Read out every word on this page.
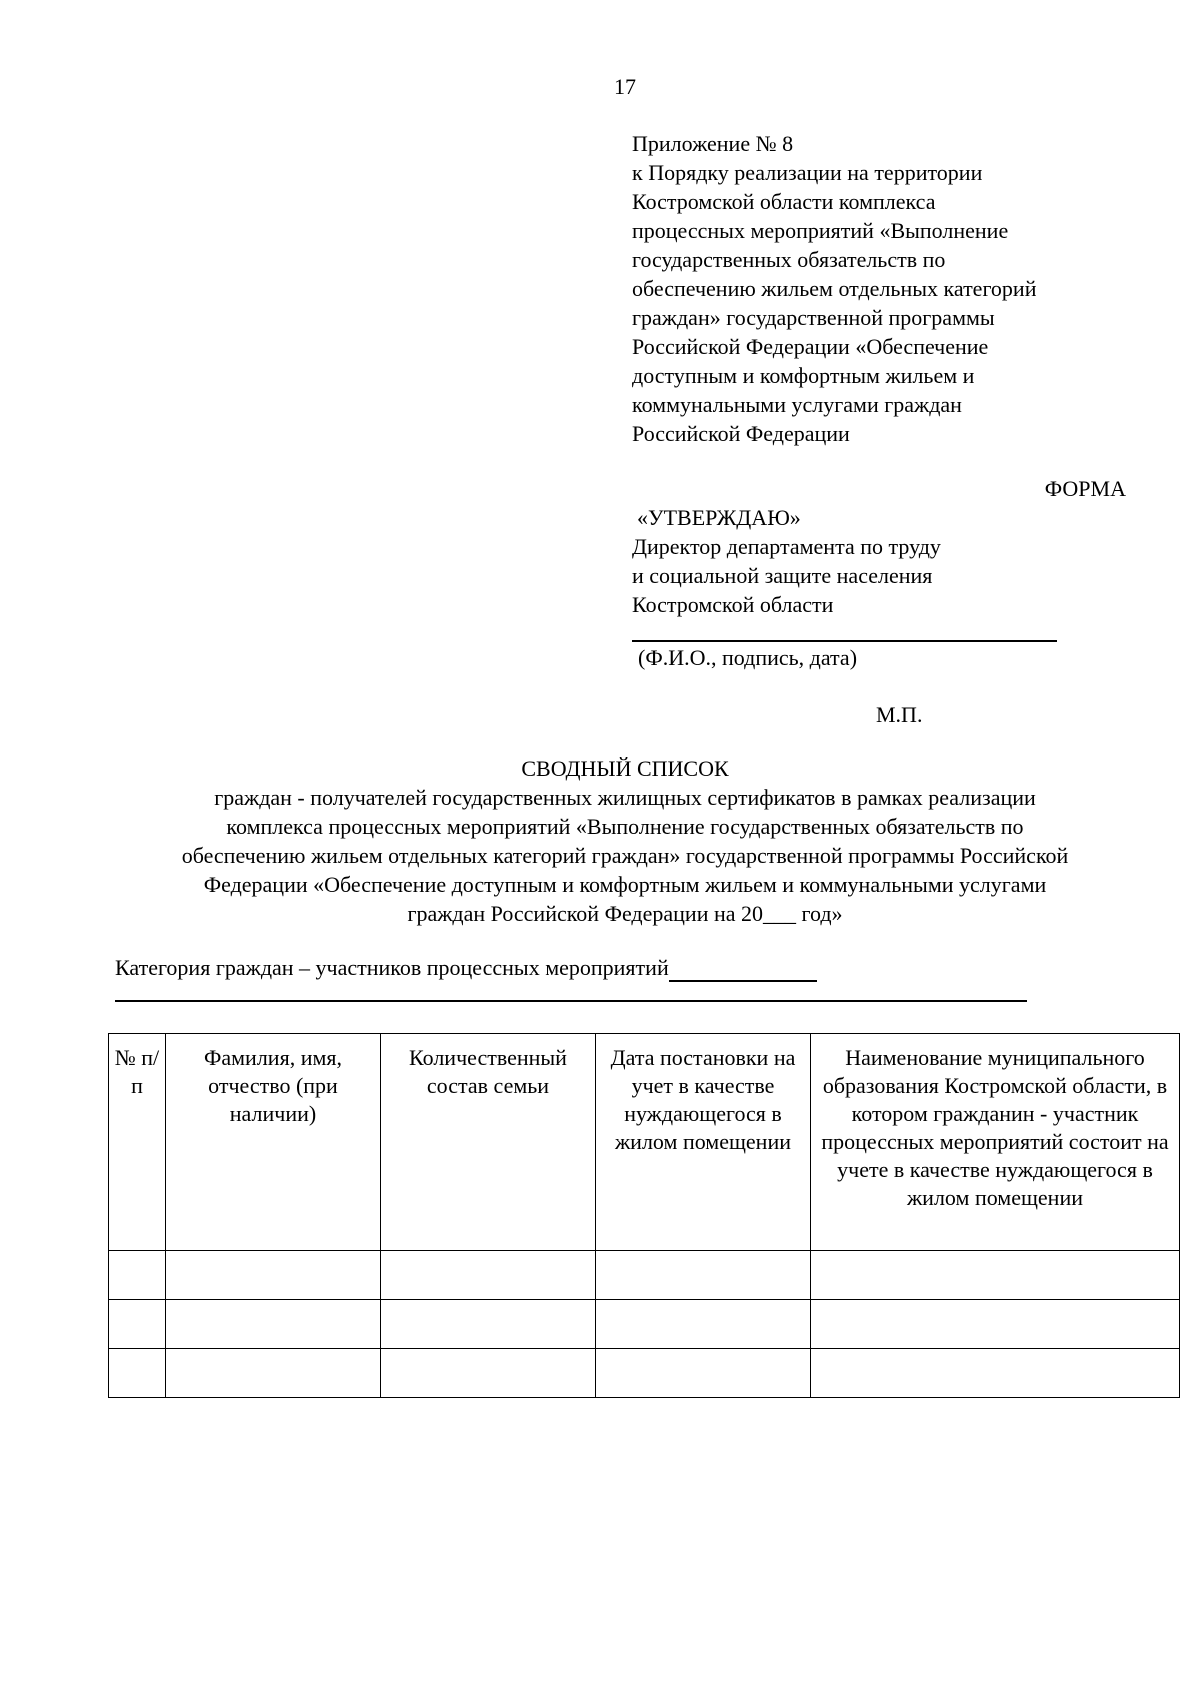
17
Приложение № 8
к Порядку реализации на территории
Костромской области комплекса
процессных мероприятий «Выполнение
государственных обязательств по
обеспечению жильем отдельных категорий
граждан» государственной программы
Российской Федерации «Обеспечение
доступным и комфортным жильем и
коммунальными услугами граждан
Российской Федерации
ФОРМА
«УТВЕРЖДАЮ»
Директор департамента по труду
и социальной защите населения
Костромской области
(Ф.И.О., подпись, дата)
М.П.
СВОДНЫЙ СПИСОК
граждан - получателей государственных жилищных сертификатов в рамках реализации
комплекса процессных мероприятий «Выполнение государственных обязательств по
обеспечению жильем отдельных категорий граждан» государственной программы Российской
Федерации «Обеспечение доступным и комфортным жильем и коммунальными услугами
граждан Российской Федерации на 20___ год»
Категория граждан – участников процессных мероприятий
№ п/п	Фамилия, имя, отчество (при наличии)	Количественный состав семьи	Дата постановки на учет в качестве нуждающегося в жилом помещении	Наименование муниципального образования Костромской области, в котором гражданин - участник процессных мероприятий состоит на учете в качестве нуждающегося в жилом помещении
